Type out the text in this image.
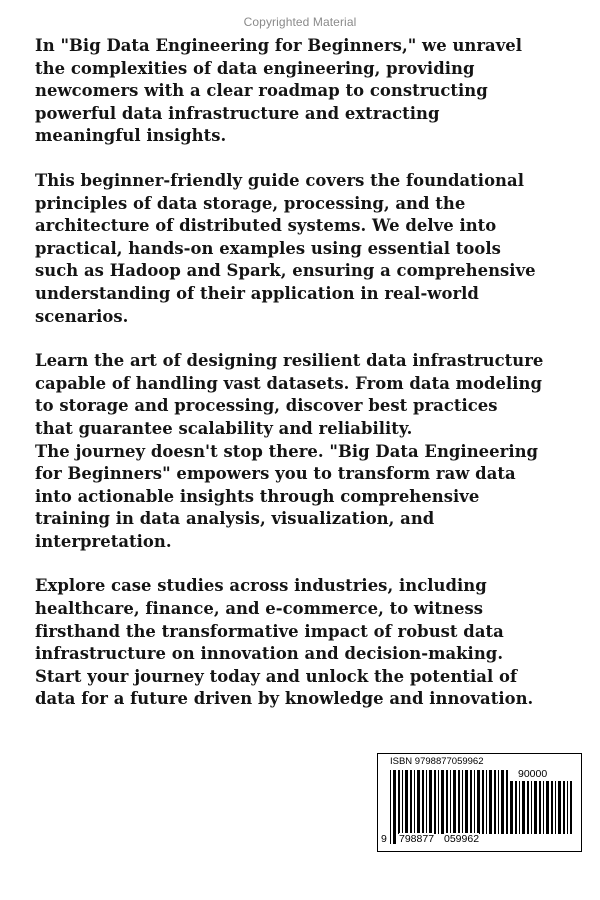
Copyrighted Material

In "Big Data Engineering for Beginners," we unravel
the complexities of data engineering, providing
newcomers with a clear roadmap to constructing
powerful data infrastructure and extracting
meaningful insights.

This beginner-friendly guide covers the foundational
principles of data storage, processing, and the
architecture of distributed systems. We delve into
practical, hands-on examples using essential tools
such as Hadoop and Spark, ensuring a comprehensive
understanding of their application in real-world
scenarios.

Learn the art of designing resilient data infrastructure
capable of handling vast datasets. From data modeling
to storage and processing, discover best practices
that guarantee scalability and reliability.
The journey doesn't stop there. "Big Data Engineering
for Beginners" empowers you to transform raw data
into actionable insights through comprehensive
training in data analysis, visualization, and
interpretation.

Explore case studies across industries, including
healthcare, finance, and e-commerce, to witness
firsthand the transformative impact of robust data
infrastructure on innovation and decision-making.
Start your journey today and unlock the potential of
data for a future driven by knowledge and innovation.

ISBN 9798877059962
90000
9 798877 059962
